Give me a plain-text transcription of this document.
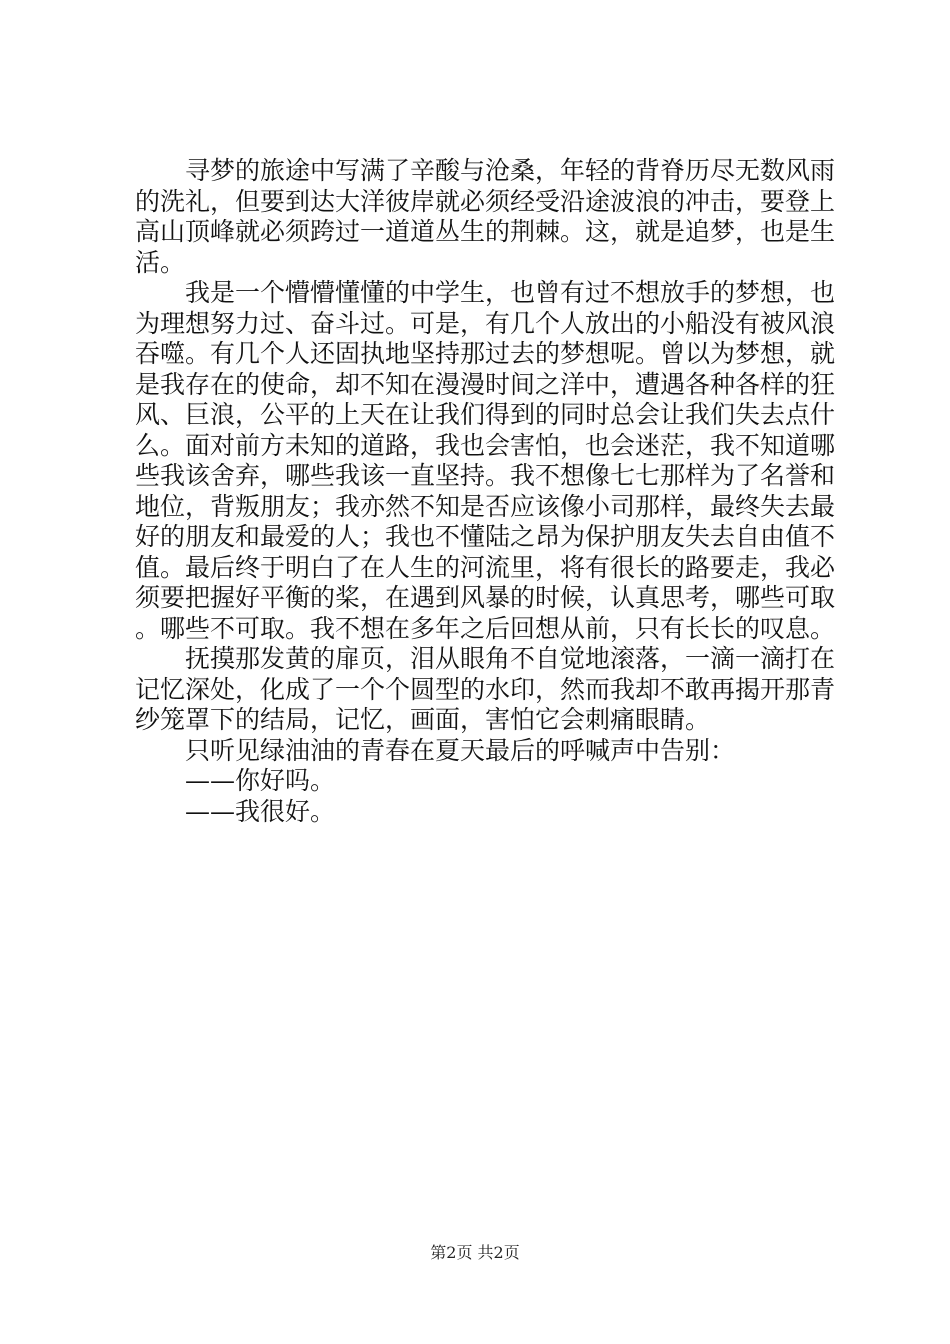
寻梦的旅途中写满了辛酸与沧桑，年轻的背脊历尽无数风雨的洗礼，但要到达大洋彼岸就必须经受沿途波浪的冲击，要登上高山顶峰就必须跨过一道道丛生的荆棘。这，就是追梦，也是生活。

我是一个懵懵懂懂的中学生，也曾有过不想放手的梦想，也为理想努力过、奋斗过。可是，有几个人放出的小船没有被风浪吞噬。有几个人还固执地坚持那过去的梦想呢。曾以为梦想，就是我存在的使命，却不知在漫漫时间之洋中，遭遇各种各样的狂风、巨浪，公平的上天在让我们得到的同时总会让我们失去点什么。面对前方未知的道路，我也会害怕，也会迷茫，我不知道哪些我该舍弃，哪些我该一直坚持。我不想像七七那样为了名誉和地位，背叛朋友；我亦然不知是否应该像小司那样，最终失去最好的朋友和最爱的人；我也不懂陆之昂为保护朋友失去自由值不值。最后终于明白了在人生的河流里，将有很长的路要走，我必须要把握好平衡的桨，在遇到风暴的时候，认真思考，哪些可取。哪些不可取。我不想在多年之后回想从前，只有长长的叹息。

抚摸那发黄的扉页，泪从眼角不自觉地滚落，一滴一滴打在记忆深处，化成了一个个圆型的水印，然而我却不敢再揭开那青纱笼罩下的结局，记忆，画面，害怕它会刺痛眼睛。

只听见绿油油的青春在夏天最后的呼喊声中告别：

——你好吗。

——我很好。

第2页 共2页
